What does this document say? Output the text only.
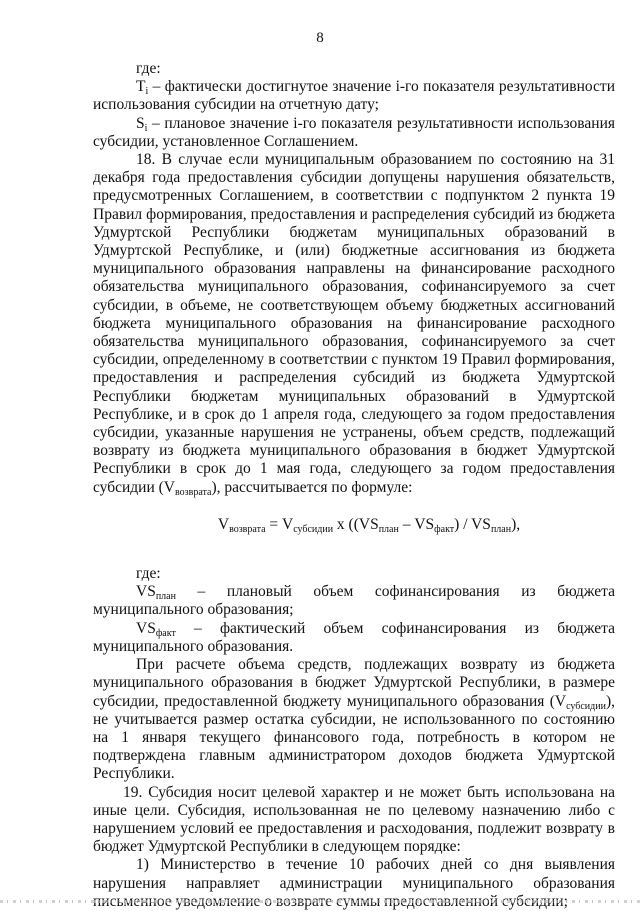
8

где:

$T_i$ – фактически достигнутое значение i-го показателя результативности использования субсидии на отчетную дату;

$S_i$ – плановое значение i-го показателя результативности использования субсидии, установленное Соглашением.

18. В случае если муниципальным образованием по состоянию на 31 декабря года предоставления субсидии допущены нарушения обязательств, предусмотренных Соглашением, в соответствии с подпунктом 2 пункта 19 Правил формирования, предоставления и распределения субсидий из бюджета Удмуртской Республики бюджетам муниципальных образований в Удмуртской Республике, и (или) бюджетные ассигнования из бюджета муниципального образования направлены на финансирование расходного обязательства муниципального образования, софинансируемого за счет субсидии, в объеме, не соответствующем объему бюджетных ассигнований бюджета муниципального образования на финансирование расходного обязательства муниципального образования, софинансируемого за счет субсидии, определенному в соответствии с пунктом 19 Правил формирования, предоставления и распределения субсидий из бюджета Удмуртской Республики бюджетам муниципальных образований в Удмуртской Республике, и в срок до 1 апреля года, следующего за годом предоставления субсидии, указанные нарушения не устранены, объем средств, подлежащий возврату из бюджета муниципального образования в бюджет Удмуртской Республики в срок до 1 мая года, следующего за годом предоставления субсидии $(V_{возврата})$, рассчитывается по формуле:

$V_{возврата} = V_{субсидии}$ x $((VS_{план} - VS_{факт}) / VS_{план})$,

где:

$VS_{план}$ – плановый объем софинансирования из бюджета муниципального образования;

$VS_{факт}$ – фактический объем софинансирования из бюджета муниципального образования.

При расчете объема средств, подлежащих возврату из бюджета муниципального образования в бюджет Удмуртской Республики, в размере субсидии, предоставленной бюджету муниципального образования $(V_{субсидии})$, не учитывается размер остатка субсидии, не использованного по состоянию на 1 января текущего финансового года, потребность в котором не подтверждена главным администратором доходов бюджета Удмуртской Республики.

19. Субсидия носит целевой характер и не может быть использована на иные цели. Субсидия, использованная не по целевому назначению либо с нарушением условий ее предоставления и расходования, подлежит возврату в бюджет Удмуртской Республики в следующем порядке:

1) Министерство в течение 10 рабочих дней со дня выявления нарушения направляет администрации муниципального образования письменное уведомление о возврате суммы предоставленной субсидии;
